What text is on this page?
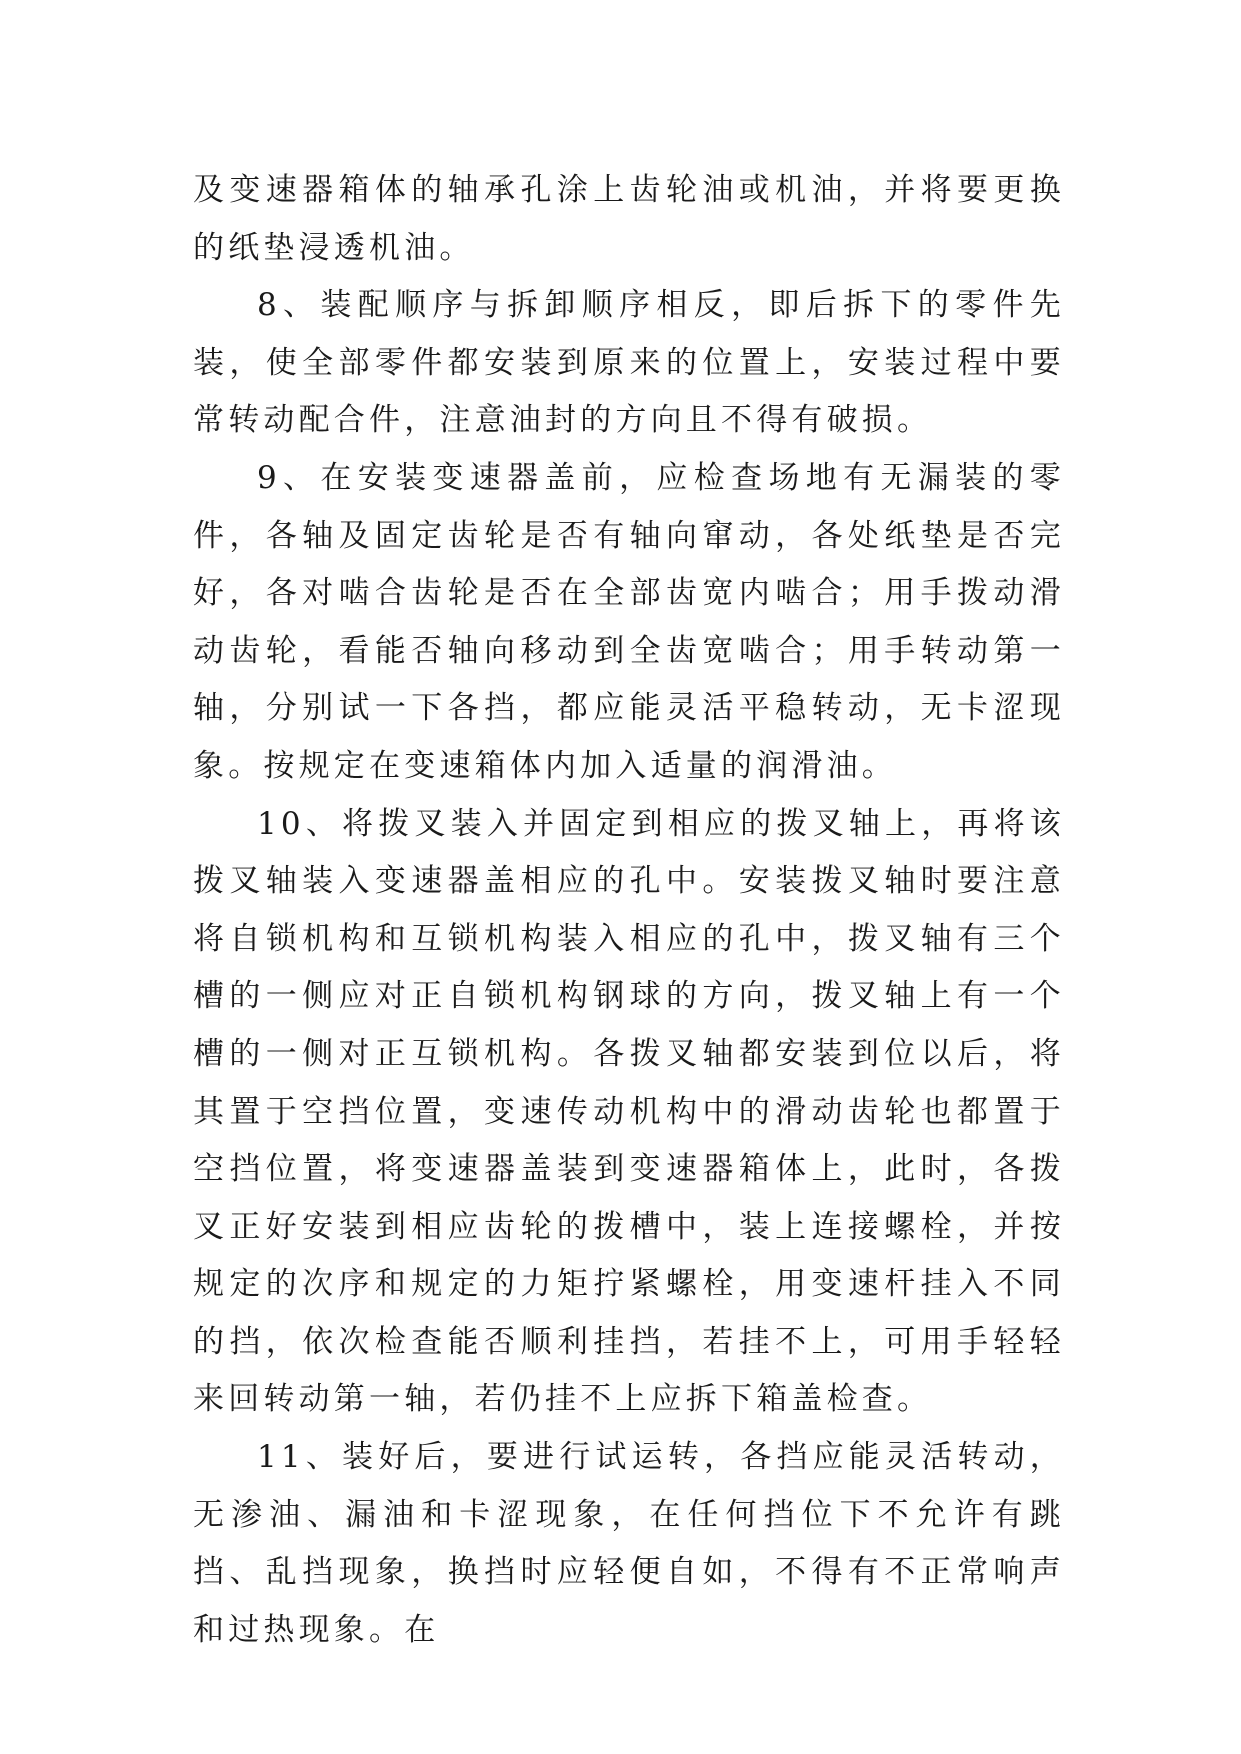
及变速器箱体的轴承孔涂上齿轮油或机油，并将要更换的纸垫浸透机油。

8、装配顺序与拆卸顺序相反，即后拆下的零件先装，使全部零件都安装到原来的位置上，安装过程中要常转动配合件，注意油封的方向且不得有破损。

9、在安装变速器盖前，应检查场地有无漏装的零件，各轴及固定齿轮是否有轴向窜动，各处纸垫是否完好，各对啮合齿轮是否在全部齿宽内啮合；用手拨动滑动齿轮，看能否轴向移动到全齿宽啮合；用手转动第一轴，分别试一下各挡，都应能灵活平稳转动，无卡涩现象。按规定在变速箱体内加入适量的润滑油。

10、将拨叉装入并固定到相应的拨叉轴上，再将该拨叉轴装入变速器盖相应的孔中。安装拨叉轴时要注意将自锁机构和互锁机构装入相应的孔中，拨叉轴有三个槽的一侧应对正自锁机构钢球的方向，拨叉轴上有一个槽的一侧对正互锁机构。各拨叉轴都安装到位以后，将其置于空挡位置，变速传动机构中的滑动齿轮也都置于空挡位置，将变速器盖装到变速器箱体上，此时，各拨叉正好安装到相应齿轮的拨槽中，装上连接螺栓，并按规定的次序和规定的力矩拧紧螺栓，用变速杆挂入不同的挡，依次检查能否顺利挂挡，若挂不上，可用手轻轻来回转动第一轴，若仍挂不上应拆下箱盖检查。

11、装好后，要进行试运转，各挡应能灵活转动，无渗油、漏油和卡涩现象，在任何挡位下不允许有跳挡、乱挡现象，换挡时应轻便自如，不得有不正常响声和过热现象。在
